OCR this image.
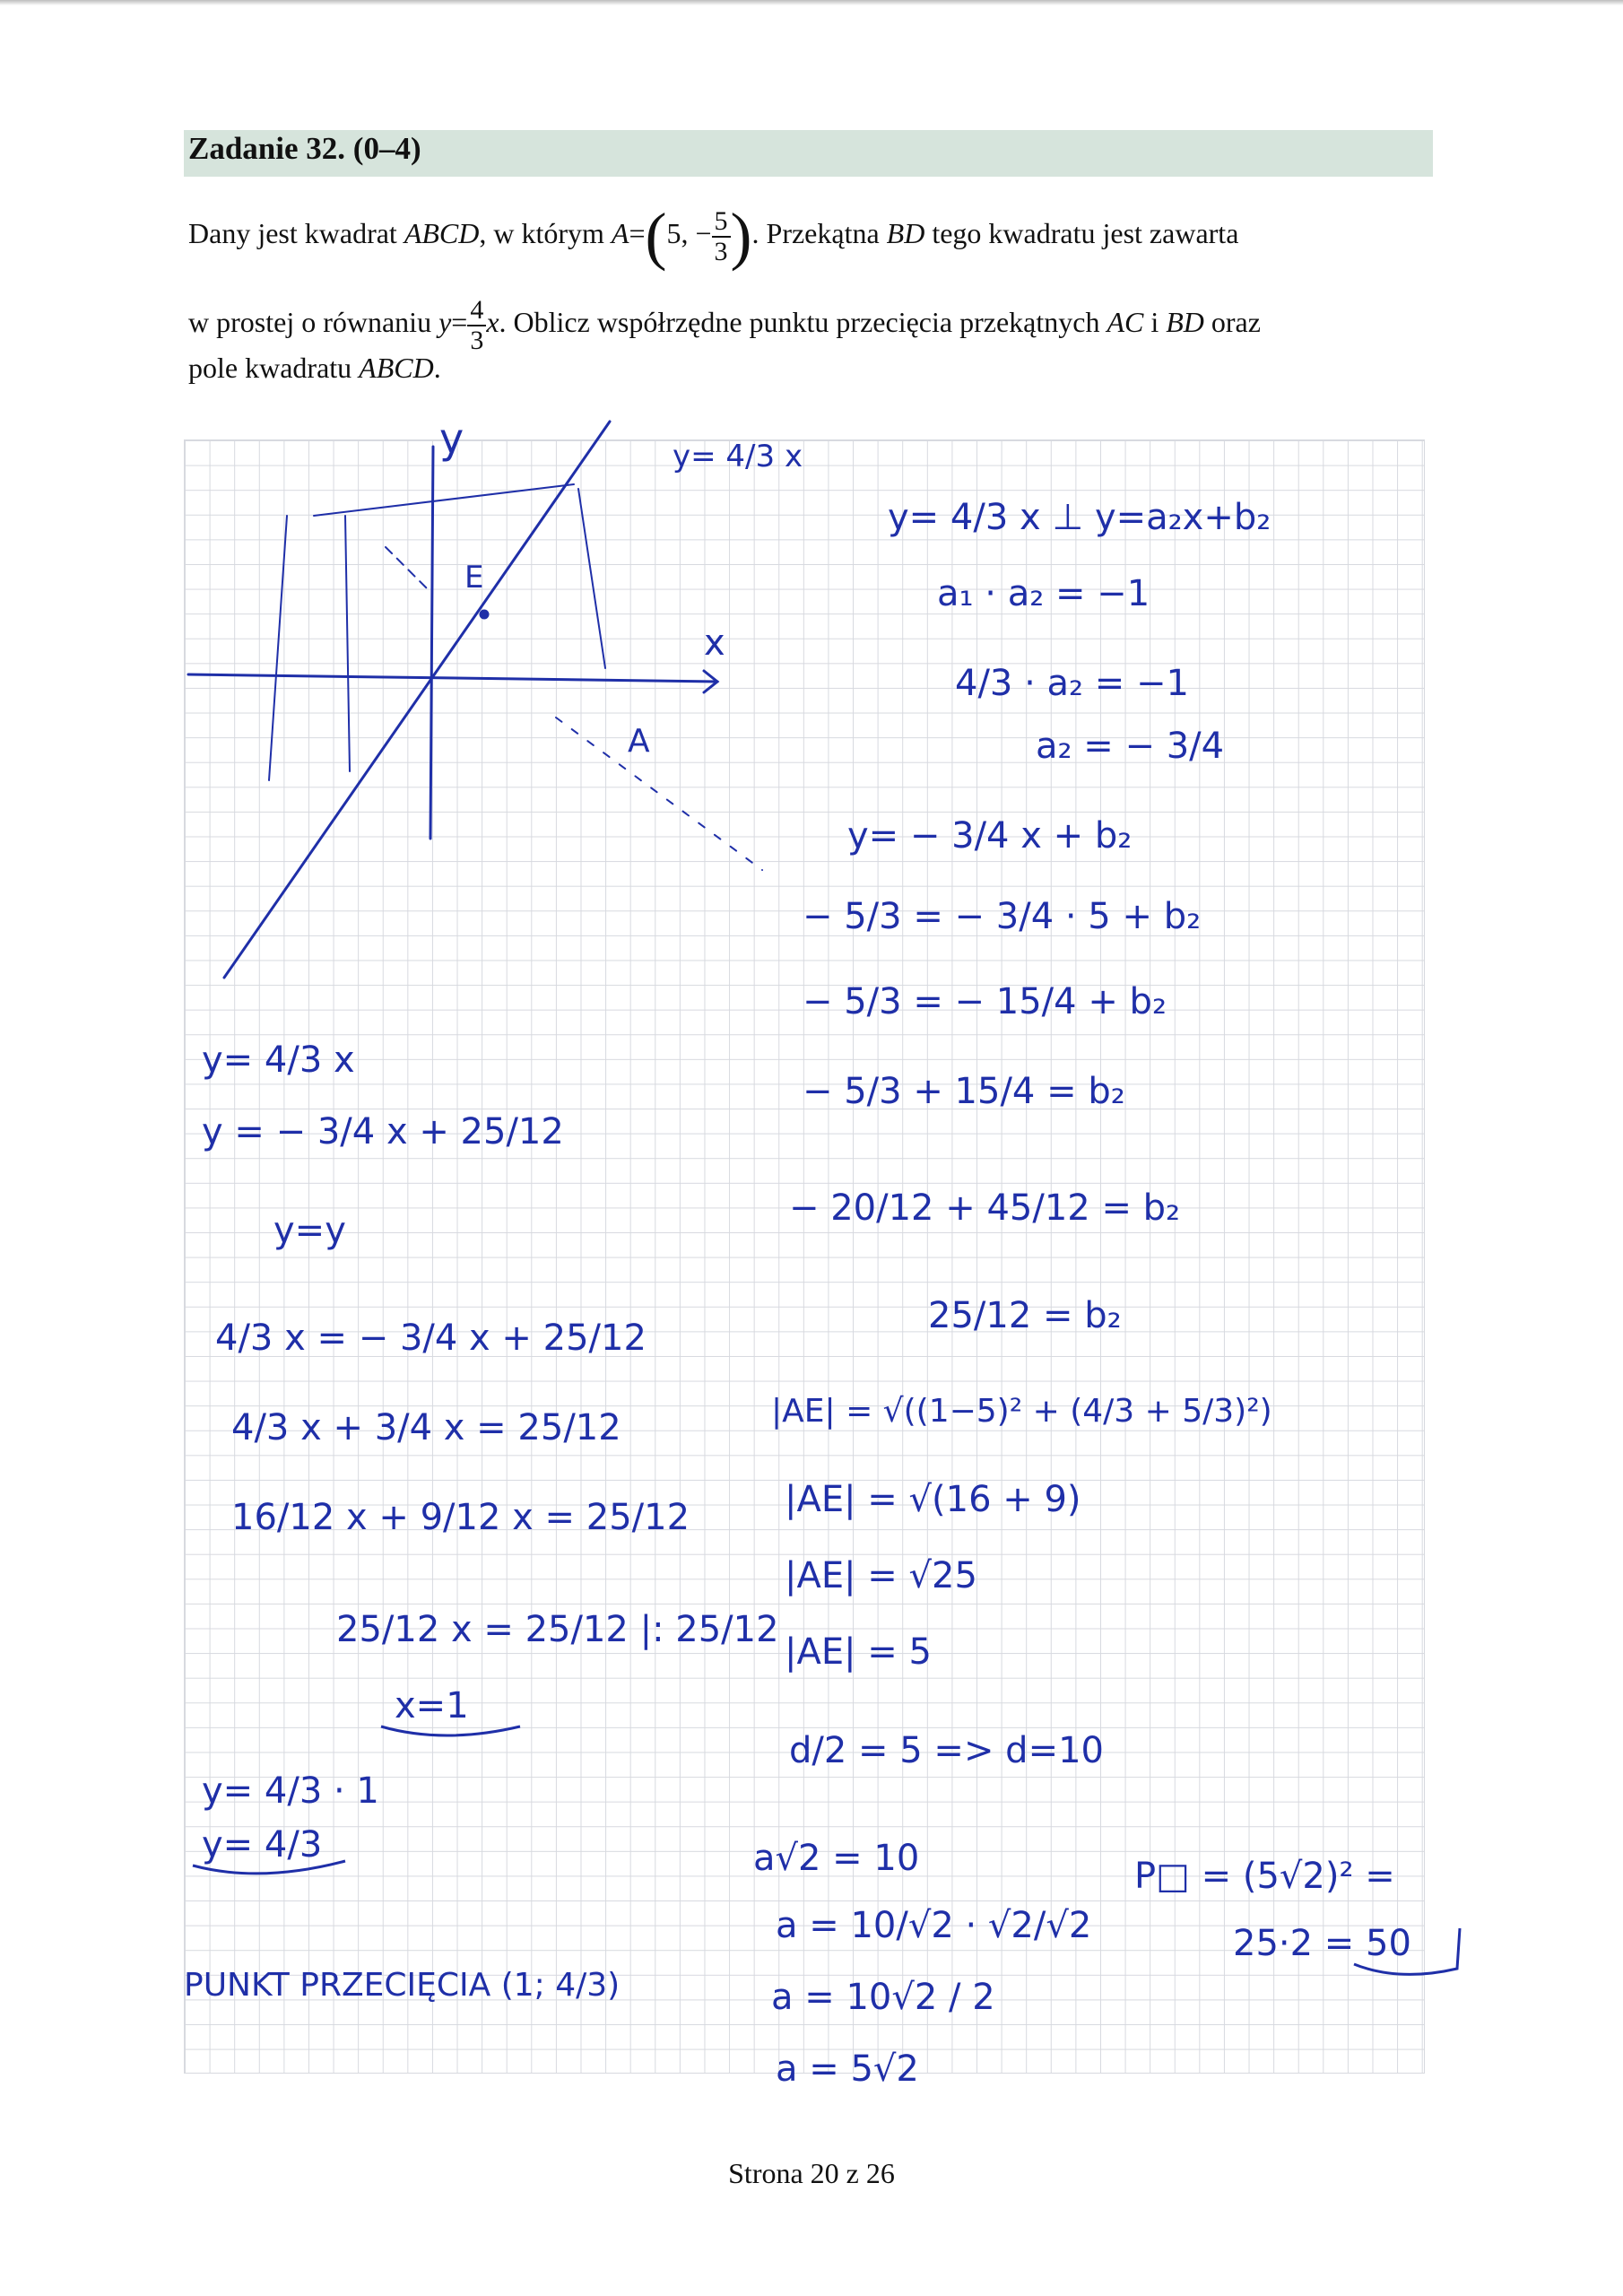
Zadanie 32. (0–4)
Dany jest kwadrat ABCD, w którym A=(5, − $\frac{5}{3}$ ). Przekątna BD tego kwadratu jest zawarta
w prostej o równaniu $y= \frac{4}{3} x$. Oblicz współrzędne punktu przecięcia przekątnych AC i BD oraz
pole kwadratu ABCD.
y
x
E
A
y= 4/3 x
y= 4/3 x
y = − 3/4 x + 25/12
y=y
4/3 x = − 3/4 x + 25/12
4/3 x + 3/4 x = 25/12
16/12 x + 9/12 x = 25/12
25/12 x = 25/12 |: 25/12
x=1
y= 4/3 · 1
y= 4/3
PUNKT PRZECIĘCIA (1; 4/3)
y= 4/3 x ⊥ y=a₂x+b₂
a₁ · a₂ = −1
4/3 · a₂ = −1
a₂ = − 3/4
y= − 3/4 x + b₂
− 5/3 = − 3/4 · 5 + b₂
− 5/3 = − 15/4 + b₂
− 5/3 + 15/4 = b₂
− 20/12 + 45/12 = b₂
25/12 = b₂
|AE| = √((1−5)² + (4/3 + 5/3)²)
|AE| = √(16 + 9)
|AE| = √25
|AE| = 5
d/2 = 5 => d=10
a√2 = 10
a = 10/√2 · √2/√2
a = 10√2 / 2
a = 5√2
P□ = (5√2)² =
25·2 = 50
Strona 20 z 26
